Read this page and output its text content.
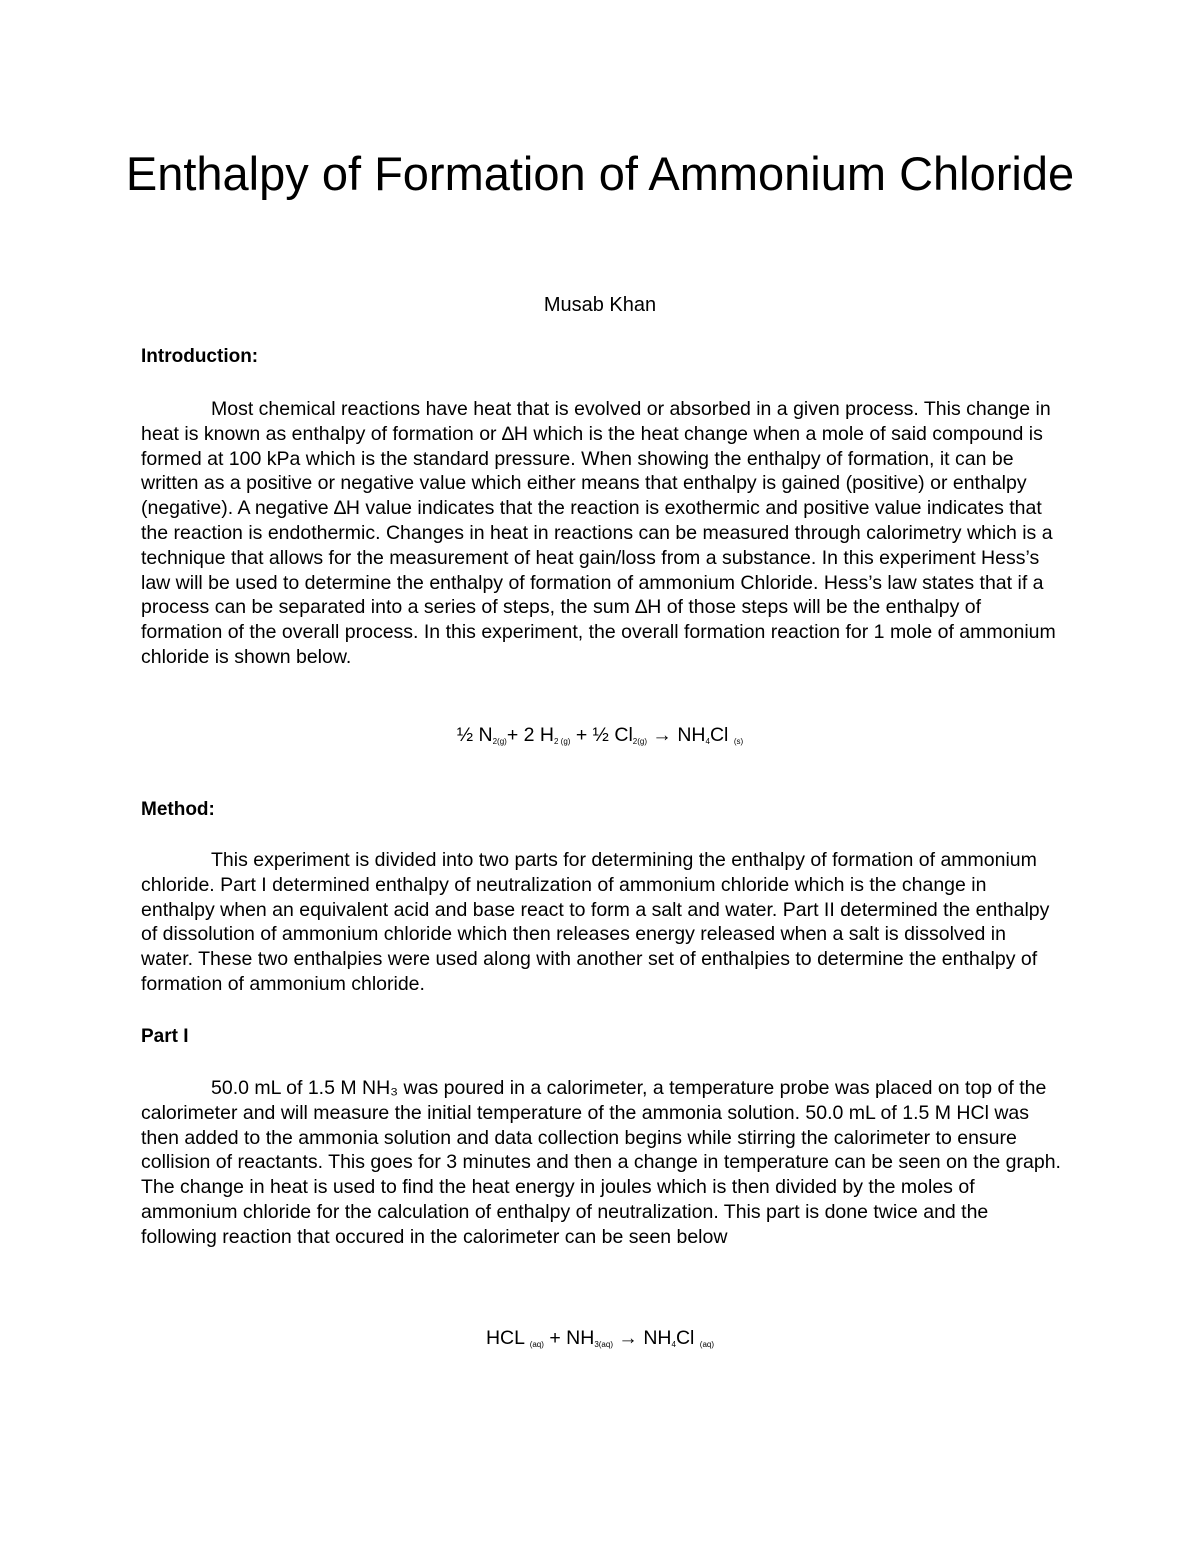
Enthalpy of Formation of Ammonium Chloride
Musab Khan
Introduction:

Most chemical reactions have heat that is evolved or absorbed in a given process. This change in heat is known as enthalpy of formation or ∆H which is the heat change when a mole of said compound is formed at 100 kPa which is the standard pressure. When showing the enthalpy of formation, it can be written as a positive or negative value which either means that enthalpy is gained (positive) or enthalpy (negative). A negative ∆H value indicates that the reaction is exothermic and positive value indicates that the reaction is endothermic. Changes in heat in reactions can be measured through calorimetry which is a technique that allows for the measurement of heat gain/loss from a substance. In this experiment Hess’s law will be used to determine the enthalpy of formation of ammonium Chloride. Hess’s law states that if a process can be separated into a series of steps, the sum ∆H of those steps will be the enthalpy of formation of the overall process. In this experiment, the overall formation reaction for 1 mole of ammonium chloride is shown below.

½ $N_{2(g)}+ 2$ $H_{2 (g)}$ + ½ $Cl_{2(g)} \to NH_4Cl$ $_{(s)}$
Method:

This experiment is divided into two parts for determining the enthalpy of formation of ammonium chloride. Part I determined enthalpy of neutralization of ammonium chloride which is the change in enthalpy when an equivalent acid and base react to form a salt and water. Part II determined the enthalpy of dissolution of ammonium chloride which then releases energy released when a salt is dissolved in water. These two enthalpies were used along with another set of enthalpies to determine the enthalpy of formation of ammonium chloride.

Part I

50.0 mL of 1.5 M NH₃ was poured in a calorimeter, a temperature probe was placed on top of the calorimeter and will measure the initial temperature of the ammonia solution. 50.0 mL of 1.5 M HCl was then added to the ammonia solution and data collection begins while stirring the calorimeter to ensure collision of reactants. This goes for 3 minutes and then a change in temperature can be seen on the graph. The change in heat is used to find the heat energy in joules which is then divided by the moles of ammonium chloride for the calculation of enthalpy of neutralization. This part is done twice and the following reaction that occured in the calorimeter can be seen below

HCL $_{(aq)} + NH_{3(aq)} \to NH_4Cl$ $_{(aq)}$
